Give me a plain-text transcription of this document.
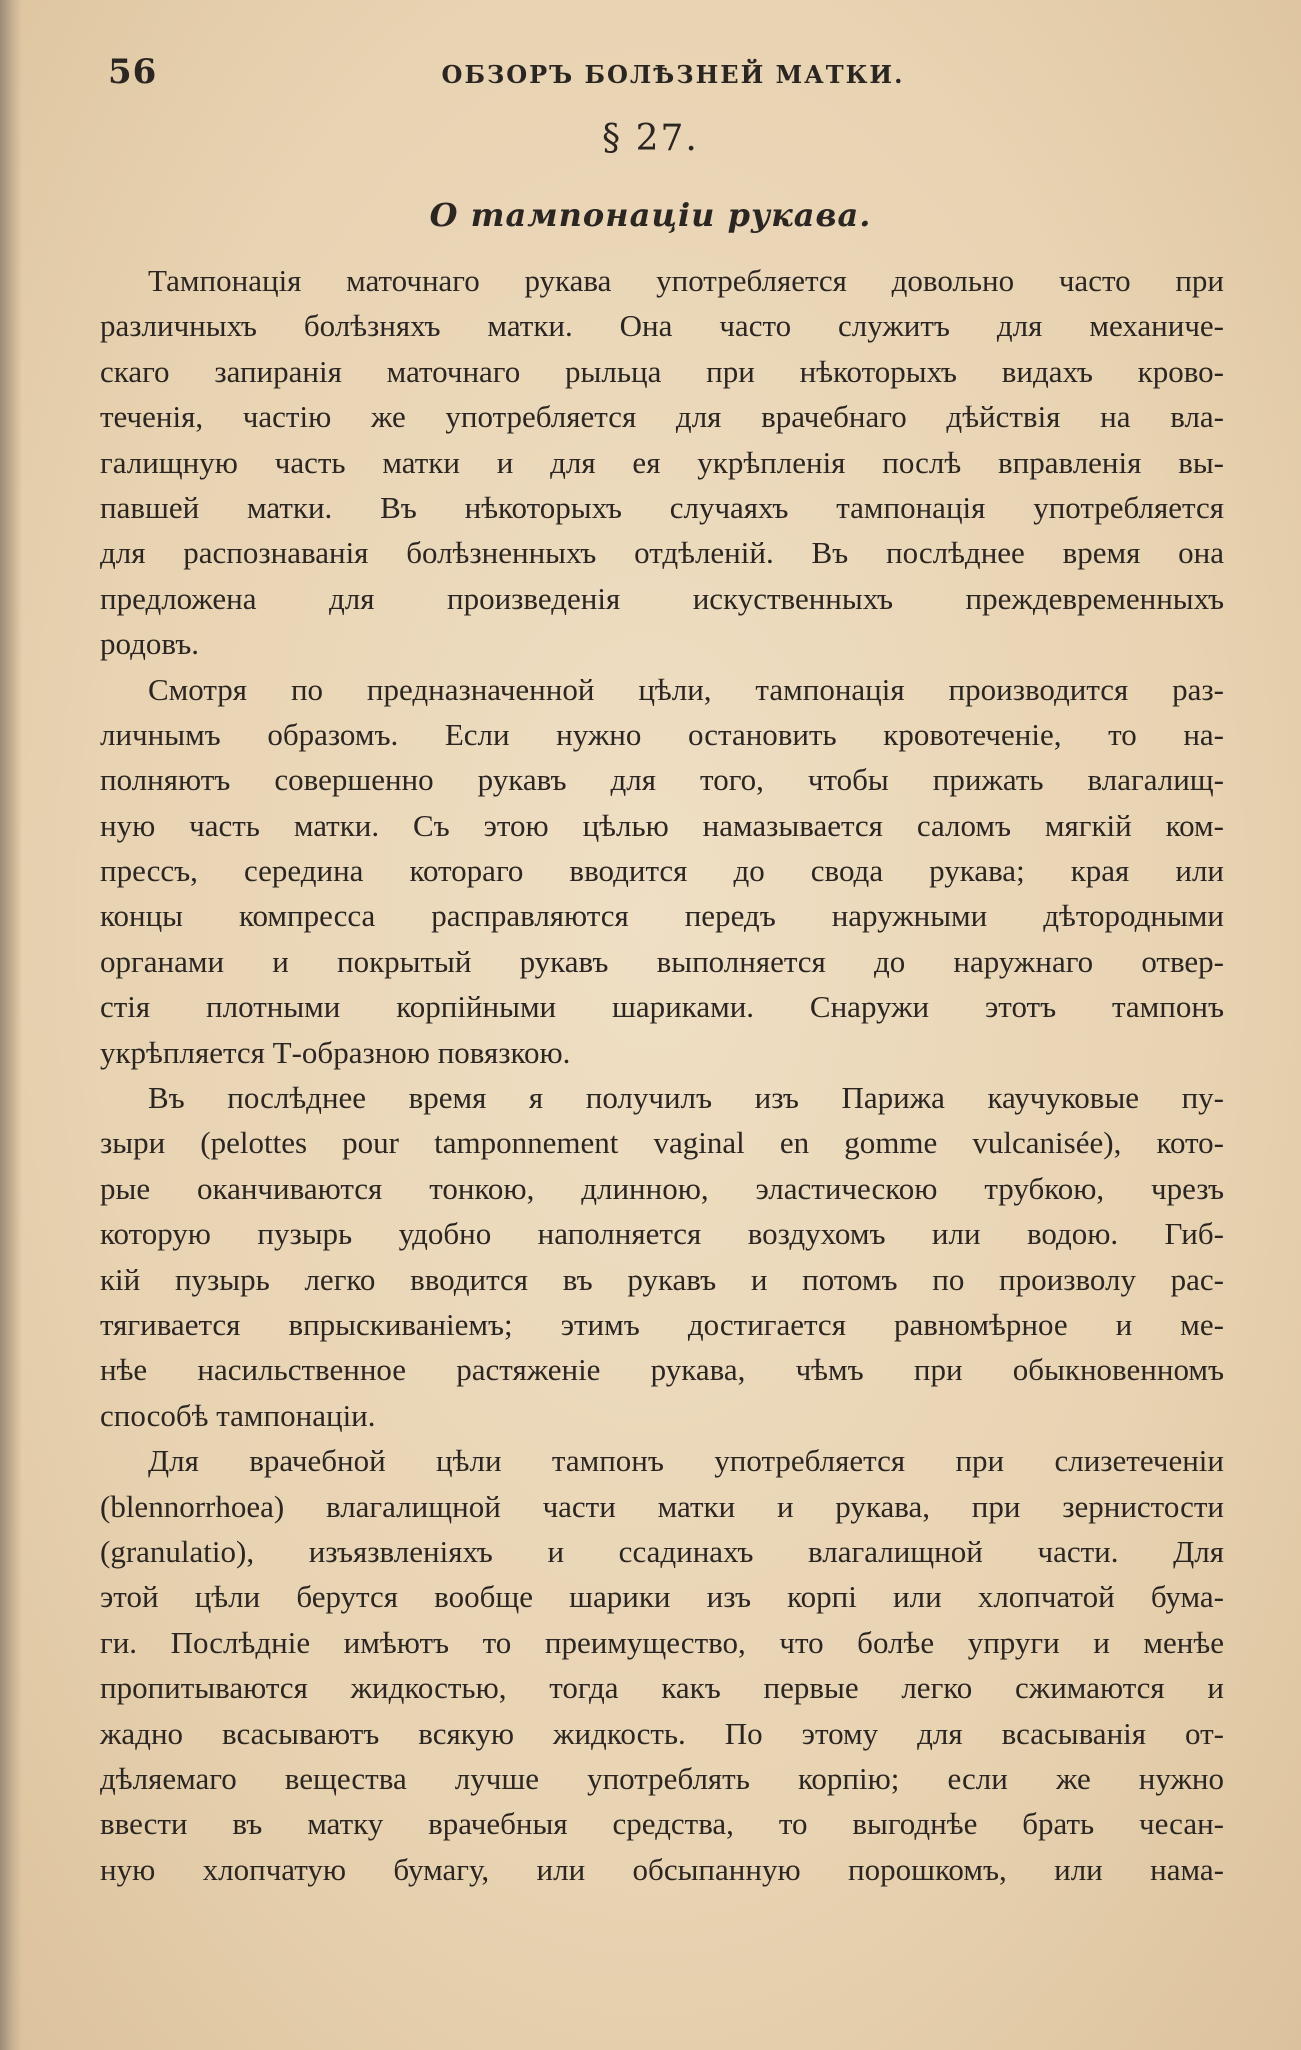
56	ОБЗОРЪ БОЛѢЗНЕЙ МАТКИ.
§ 27.
О тампонаціи рукава.
Тампонація маточнаго рукава употребляется довольно часто при
различныхъ болѣзняхъ матки. Она часто служитъ для механиче-
скаго запиранія маточнаго рыльца при нѣкоторыхъ видахъ крово-
теченія, частію же употребляется для врачебнаго дѣйствія на вла-
галищную часть матки и для ея укрѣпленія послѣ вправленія вы-
павшей матки. Въ нѣкоторыхъ случаяхъ тампонація употребляется
для распознаванія болѣзненныхъ отдѣленій. Въ послѣднее время она
предложена для произведенія искуственныхъ преждевременныхъ
родовъ.
Смотря по предназначенной цѣли, тампонація производится раз-
личнымъ образомъ. Если нужно остановить кровотеченіе, то на-
полняютъ совершенно рукавъ для того, чтобы прижать влагалищ-
ную часть матки. Съ этою цѣлью намазывается саломъ мягкій ком-
прессъ, середина котораго вводится до свода рукава; края или
концы компресса расправляются передъ наружными дѣтородными
органами и покрытый рукавъ выполняется до наружнаго отвер-
стія плотными корпійными шариками. Снаружи этотъ тампонъ
укрѣпляется Т-образною повязкою.
Въ послѣднее время я получилъ изъ Парижа каучуковые пу-
зыри (pelottes pour tamponnement vaginal en gomme vulcanisée), кото-
рые оканчиваются тонкою, длинною, эластическою трубкою, чрезъ
которую пузырь удобно наполняется воздухомъ или водою. Гиб-
кій пузырь легко вводится въ рукавъ и потомъ по произволу рас-
тягивается впрыскиваніемъ; этимъ достигается равномѣрное и ме-
нѣе насильственное растяженіе рукава, чѣмъ при обыкновенномъ
способѣ тампонаціи.
Для врачебной цѣли тампонъ употребляется при слизетеченіи
(blennorrhoea) влагалищной части матки и рукава, при зернистости
(granulatio), изъязвленіяхъ и ссадинахъ влагалищной части. Для
этой цѣли берутся вообще шарики изъ корпі или хлопчатой бума-
ги. Послѣдніе имѣютъ то преимущество, что болѣе упруги и менѣе
пропитываются жидкостью, тогда какъ первые легко сжимаются и
жадно всасываютъ всякую жидкость. По этому для всасыванія от-
дѣляемаго вещества лучше употреблять корпію; если же нужно
ввести въ матку врачебныя средства, то выгоднѣе брать чесан-
ную хлопчатую бумагу, или обсыпанную порошкомъ, или нама-
